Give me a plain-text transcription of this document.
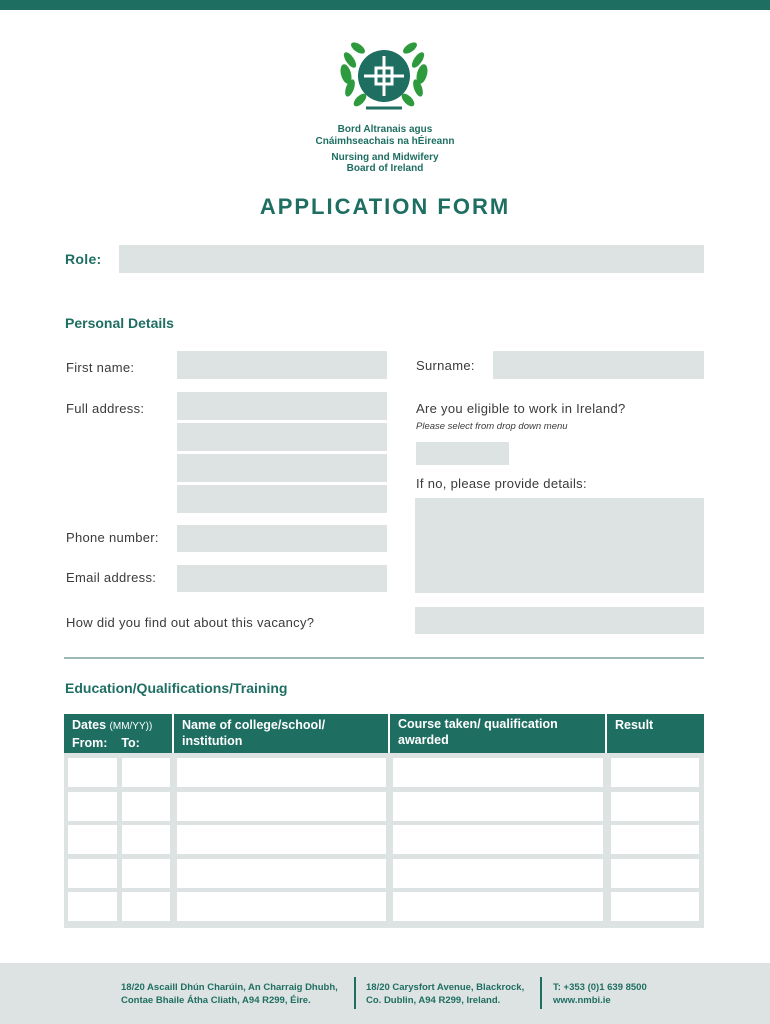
Bord Altranais agus
Cnáimhseachais na hÉireann
Nursing and Midwifery
Board of Ireland
APPLICATION FORM
Role:
Personal Details
First name:	Surname:
Full address:	Are you eligible to work in Ireland?
Please select from drop down menu
If no, please provide details:
Phone number:
Email address:
How did you find out about this vacancy?
Education/Qualifications/Training
Dates (MM/YY))
From: To:
Name of college/school/
institution
Course taken/ qualification
awarded
Result
18/20 Ascaill Dhún Charúin, An Charraig Dhubh,
Contae Bhaile Átha Cliath, A94 R299, Éire.
18/20 Carysfort Avenue, Blackrock,
Co. Dublin, A94 R299, Ireland.
T: +353 (0)1 639 8500
www.nmbi.ie
